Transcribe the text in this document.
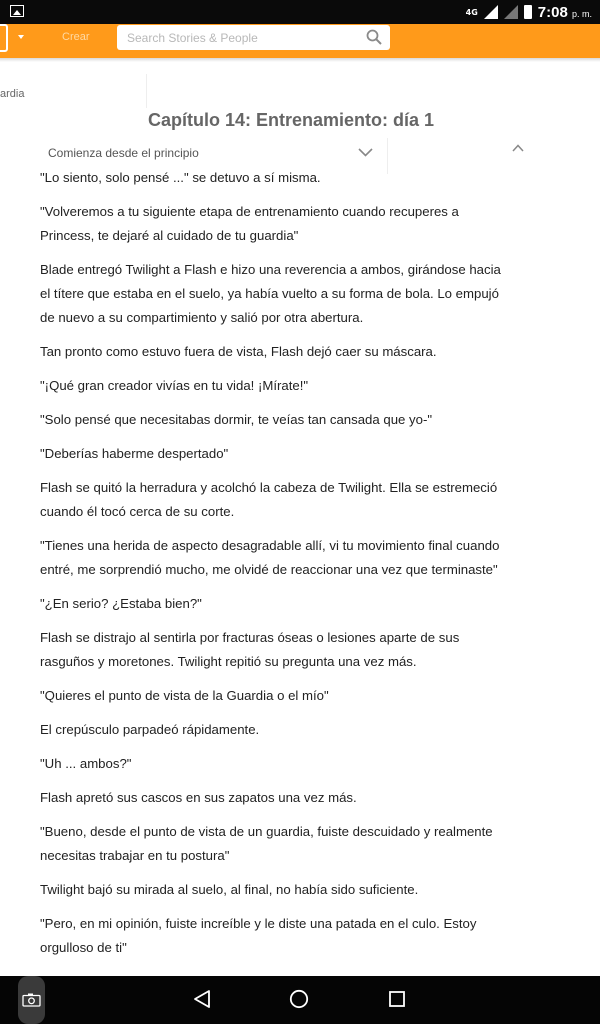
4G	7:08 p. m.
Crear
Search Stories & People
ardia
Capítulo 14: Entrenamiento: día 1
Comienza desde el principio

"Lo siento, solo pensé ..." se detuvo a sí misma.

"Volveremos a tu siguiente etapa de entrenamiento cuando recuperes a Princess, te dejaré al cuidado de tu guardia"

Blade entregó Twilight a Flash e hizo una reverencia a ambos, girándose hacia el títere que estaba en el suelo, ya había vuelto a su forma de bola. Lo empujó de nuevo a su compartimiento y salió por otra abertura.

Tan pronto como estuvo fuera de vista, Flash dejó caer su máscara.

"¡Qué gran creador vivías en tu vida! ¡Mírate!"

"Solo pensé que necesitabas dormir, te veías tan cansada que yo-"

"Deberías haberme despertado"

Flash se quitó la herradura y acolchó la cabeza de Twilight. Ella se estremeció cuando él tocó cerca de su corte.

"Tienes una herida de aspecto desagradable allí, vi tu movimiento final cuando entré, me sorprendió mucho, me olvidé de reaccionar una vez que terminaste"

"¿En serio? ¿Estaba bien?"

Flash se distrajo al sentirla por fracturas óseas o lesiones aparte de sus rasguños y moretones. Twilight repitió su pregunta una vez más.

"Quieres el punto de vista de la Guardia o el mío"

El crepúsculo parpadeó rápidamente.

"Uh ... ambos?"

Flash apretó sus cascos en sus zapatos una vez más.

"Bueno, desde el punto de vista de un guardia, fuiste descuidado y realmente necesitas trabajar en tu postura"

Twilight bajó su mirada al suelo, al final, no había sido suficiente.

"Pero, en mi opinión, fuiste increíble y le diste una patada en el culo. Estoy orgulloso de ti"
